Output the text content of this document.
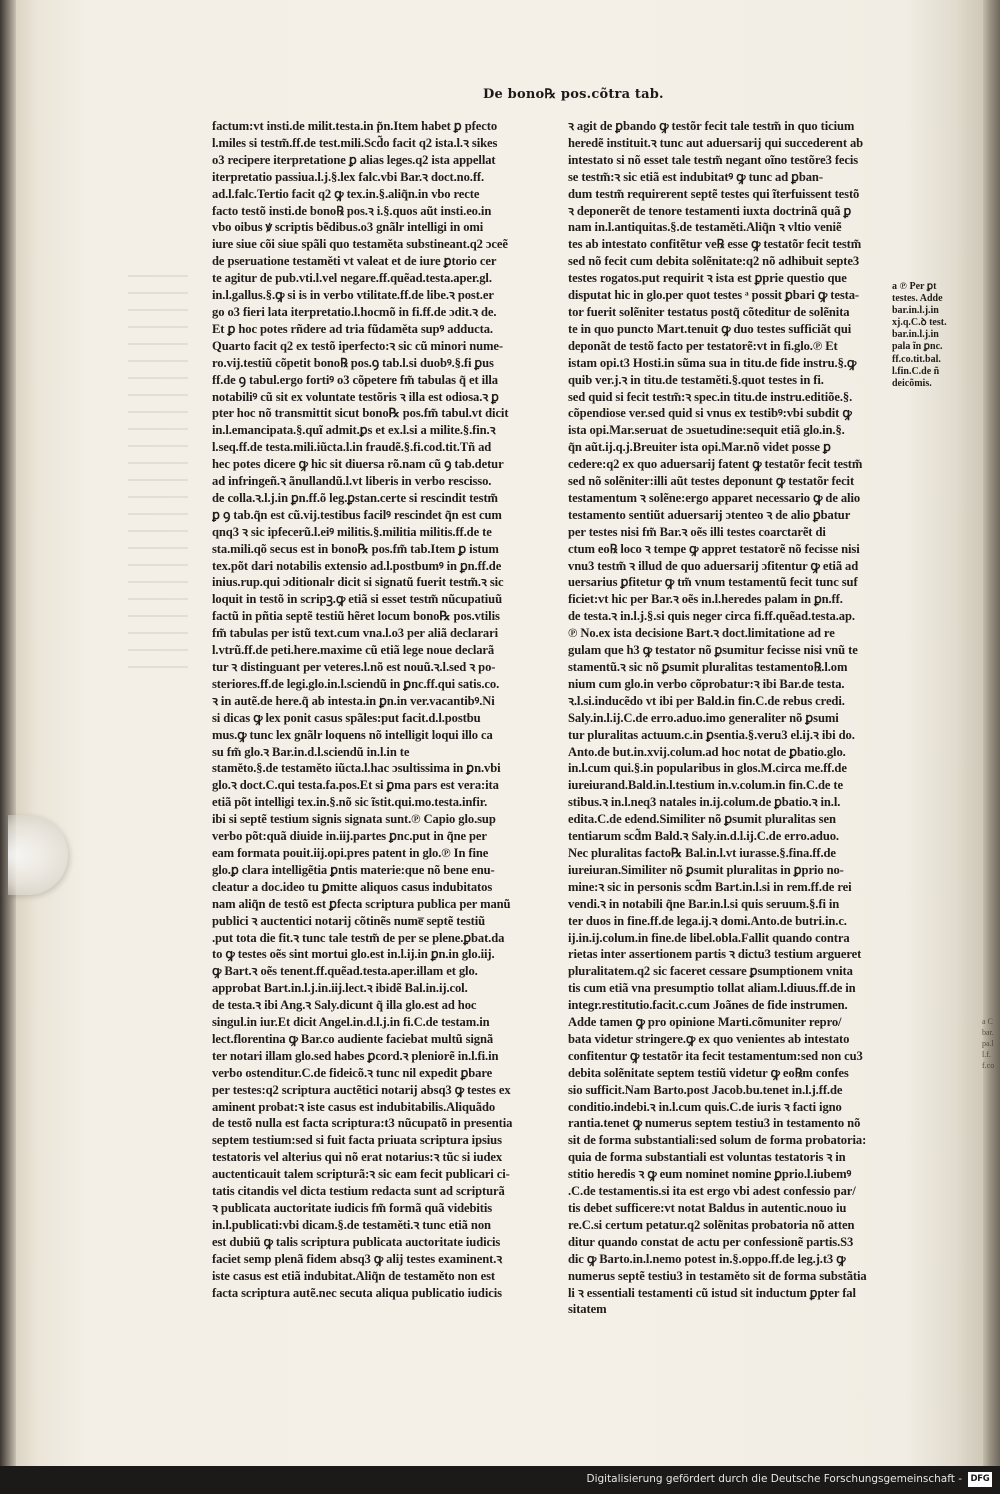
De bono℞ pos.cõtra tab.
factum:vt insti.de milit.testa.in p̃n.Item habet ꝑ pfecto
l.miles si testm̃.ff.de test.mili.Scd̃o facit q2 ista.l.ꝛ sikes
o3 recipere iterpretatione ꝑ alias leges.q2 ista appellat
iterpretatio passiua.l.j.§.lex falc.vbi Bar.ꝛ doct.no.ff.
ad.l.falc.Tertio facit q2 ꝙ tex.in.§.aliq̃n.in vbo recte
facto testõ insti.de bono℞ pos.ꝛ i.§.quos aũt insti.eo.in
vbo oibus ꝟ scriptis bẽdibus.o3 gnãlr intelligi in omi
iure siue cõi siue spãli quo testaměta substineant.q2 ɔceẽ
de pseruatione testaměti vt valeat et de iure ꝑtorio cer
te agitur de pub.vti.l.vel negare.ff.quẽad.testa.aper.gl.
in.l.gallus.§.ꝙ si is in verbo vtilitate.ff.de libe.ꝛ post.er
go o3 fieri lata iterpretatio.l.hocmõ in fi.ff.de ɔdit.ꝛ de.
Et ꝑ hoc potes rñdere ad tria fũdaměta supꝰ adducta.
Quarto facit q2 ex testõ iperfecto:ꝛ sic cũ minori nume-
ro.vij.testiũ cõpetit bono℞ pos.ꝯ tab.l.si duobꝰ.§.fi ꝑus
ff.de ꝯ tabul.ergo fortiꝰ o3 cõpetere fm̃ tabulas q̃ et illa
notabiliꝰ cũ sit ex voluntate testõris ꝛ illa est odiosa.ꝛ ꝑ
pter hoc nõ transmittit sicut bono℞ pos.fm̃ tabul.vt dicit
in.l.emancipata.§.quĩ admit.ꝑs et ex.l.si a milite.§.fin.ꝛ
l.seq.ff.de testa.mili.iũcta.l.in fraudẽ.§.fi.cod.tit.Tñ ad
hec potes dicere ꝙ hic sit diuersa rõ.nam cũ ꝯ tab.detur
ad infringeñ.ꝛ ãnullandũ.l.vt liberis in verbo rescisso.
de colla.ꝛ.l.j.in ꝑn.ff.õ leg.ꝑstan.certe si rescindit testm̃
ꝑ ꝯ tab.q̃n est cũ.vij.testibus facilꝰ rescindet q̃n est cum
qnq3 ꝛ sic ipfecerũ.l.eiꝰ militis.§.militia militis.ff.de te
sta.mili.qõ secus est in bono℞ pos.fm̃ tab.Item ꝑ istum
tex.põt dari notabilis extensio ad.l.postbumꝰ in ꝑn.ff.de
inius.rup.qui ɔditionalr dicit si signatũ fuerit testm̃.ꝛ sic
loquit in testõ in scripꝫ.ꝙ etiã si esset testm̃ nũcupatiuũ
factũ in pñtia septẽ testiũ hẽret locum bono℞ pos.vtilis
fm̃ tabulas per istũ text.cum vna.l.o3 per aliã declarari
l.vtrũ.ff.de peti.here.maxime cũ etiã lege noue declarã
tur ꝛ distinguant per veteres.l.nõ est nouũ.ꝛ.l.sed ꝛ po-
steriores.ff.de legi.glo.in.l.sciendũ in ꝑnc.ff.qui satis.co.
ꝛ in autẽ.de here.q̃ ab intesta.in ꝑn.in ver.vacantibꝰ.Ni
si dicas ꝙ lex ponit casus spãles:put facit.d.l.postbu
mus.ꝙ tunc lex gnãlr loquens nõ intelligit loqui illo ca
su fm̃ glo.ꝛ Bar.in.d.l.sciendũ in.l.in te
staměto.§.de testaměto iũcta.l.hac ɔsultissima in ꝑn.vbi
glo.ꝛ doct.C.qui testa.fa.pos.Et si ꝑma pars est vera:ita
etiã põt intelligi tex.in.§.nõ sic ĩstit.qui.mo.testa.infir.
ibi si septẽ testium signis signata sunt.℗ Capio glo.sup
verbo põt:quã diuide in.iij.partes ꝑnc.put in q̃ne per
eam formata pouit.iij.opi.pres patent in glo.℗ In fine
glo.ꝑ clara intelligẽtia ꝑntis materie:que nõ bene enu-
cleatur a doc.ideo tu ꝑmitte aliquos casus indubitatos
nam aliq̃n de testõ est ꝑfecta scriptura publica per manũ
publici ꝛ auctentici notarij cõtinẽs nume̅ septẽ testiũ
.put tota die fit.ꝛ tunc tale testm̃ de per se plene.ꝑbat.da
to ꝙ testes oẽs sint mortui glo.est in.l.ij.in ꝑn.in glo.iij.
ꝙ Bart.ꝛ oẽs tenent.ff.quẽad.testa.aper.illam et glo.
approbat Bart.in.l.j.in.iij.lect.ꝛ ibidẽ Bal.in.ij.col.
de testa.ꝛ ibi Ang.ꝛ Saly.dicunt q̃ illa glo.est ad hoc
singul.in iur.Et dicit Angel.in.d.l.j.in fi.C.de testam.in
lect.florentina ꝙ Bar.co audiente faciebat multũ signã
ter notari illam glo.sed habes ꝑcord.ꝛ pleniorẽ in.l.fi.in
verbo ostenditur.C.de fideicõ.ꝛ tunc nil expedit ꝑbare
per testes:q2 scriptura auctẽtici notarij absq3 ꝙ testes ex
aminent probat:ꝛ iste casus est indubitabilis.Aliquãdo
de testõ nulla est facta scriptura:t3 nũcupatõ in presentia
septem testium:sed si fuit facta priuata scriptura ipsius
testatoris vel alterius qui nõ erat notarius:ꝛ tũc si iudex
auctenticauit talem scripturã:ꝛ sic eam fecit publicari ci-
tatis citandis vel dicta testium redacta sunt ad scripturã
ꝛ publicata auctoritate iudicis fm̃ formã quã videbitis
in.l.publicati:vbi dicam.§.de testaměti.ꝛ tunc etiã non
est dubiũ ꝙ talis scriptura publicata auctoritate iudicis
faciet semp plenã fidem absq3 ꝙ alij testes examinent.ꝛ
iste casus est etiã indubitat.Aliq̃n de testaměto non est
facta scriptura autẽ.nec secuta aliqua publicatio iudicis
ꝛ agit de ꝑbando ꝙ testõr fecit tale testm̃ in quo ticium
heredẽ instituit.ꝛ tunc aut aduersarij qui succederent ab
intestato si nõ esset tale testm̃ negant oĩno testõre3 fecis
se testm̃:ꝛ sic etiã est indubitatꝰ ꝙ tunc ad ꝑban-
dum testm̃ requirerent septẽ testes qui ĩterfuissent testõ
ꝛ deponerẽt de tenore testamenti iuxta doctrinã quã ꝑ
nam in.l.antiquitas.§.de testaměti.Aliq̃n ꝛ vltio veniẽ
tes ab intestato confitẽtur ve℞ esse ꝙ testatõr fecit testm̃
sed nõ fecit cum debita solẽnitate:q2 nõ adhibuit septe3
testes rogatos.put requirit ꝛ ista est ꝑprie questio que
disputat hic in glo.per quot testes ᵃ possit ꝑbari ꝙ testa-
tor fuerit solẽniter testatus postq̃ cõteditur de solẽnita
te in quo puncto Mart.tenuit ꝙ duo testes sufficiãt qui
deponãt de testõ facto per testatorẽ:vt in fi.glo.℗ Et
istam opi.t3 Hosti.in sũma sua in titu.de fide instru.§.ꝙ
quib ver.j.ꝛ in titu.de testaměti.§.quot testes in fi.
sed quid si fecit testm̃:ꝛ spec.in titu.de instru.editiõe.§.
cõpendiose ver.sed quid si vnus ex testibꝰ:vbi subdit ꝙ
ista opi.Mar.seruat de ɔsuetudine:sequit etiã glo.in.§.
q̃n aũt.ij.q.j.Breuiter ista opi.Mar.nõ videt posse ꝑ
cedere:q2 ex quo aduersarij fatent ꝙ testatõr fecit testm̃
sed nõ solẽniter:illi aũt testes deponunt ꝙ testatõr fecit
testamentum ꝛ solẽne:ergo apparet necessario ꝙ de alio
testamento sentiũt aduersarij ɔtenteo ꝛ de alio ꝑbatur
per testes nisi fm̃ Bar.ꝛ oẽs illi testes coarctarẽt di
ctum eo℞ loco ꝛ tempe ꝙ appret testatorẽ nõ fecisse nisi
vnu3 testm̃ ꝛ illud de quo aduersarij ɔfitentur ꝙ etiã ad
uersarius ꝑfitetur ꝙ tm̃ vnum testamentũ fecit tunc suf
ficiet:vt hic per Bar.ꝛ oẽs in.l.heredes palam in ꝑn.ff.
de testa.ꝛ in.l.j.§.si quis neger circa fi.ff.quẽad.testa.ap.
℗ No.ex ista decisione Bart.ꝛ doct.limitatione ad re
gulam que h3 ꝙ testator nõ ꝑsumitur fecisse nisi vnũ te
stamentũ.ꝛ sic nõ ꝑsumit pluralitas testamento℞.l.om
nium cum glo.in verbo cõprobatur:ꝛ ibi Bar.de testa.
ꝛ.l.si.inducẽdo vt ibi per Bald.in fin.C.de rebus credi.
Saly.in.l.ij.C.de erro.aduo.imo generaliter nõ ꝑsumi
tur pluralitas actuum.c.in ꝑsentia.§.veru3 el.ij.ꝛ ibi do.
Anto.de but.in.xvij.colum.ad hoc notat de ꝑbatio.glo.
in.l.cum qui.§.in popularibus in glos.M.circa me.ff.de
iureiurand.Bald.in.l.testium in.v.colum.in fin.C.de te
stibus.ꝛ in.l.neq3 natales in.ij.colum.de ꝑbatio.ꝛ in.l.
edita.C.de edend.Similiter nõ ꝑsumit pluralitas sen
tentiarum scd̃m Bald.ꝛ Saly.in.d.l.ij.C.de erro.aduo.
Nec pluralitas facto℞ Bal.in.l.vt iurasse.§.fina.ff.de
iureiuran.Similiter nõ ꝑsumit pluralitas in ꝑprio no-
mine:ꝛ sic in personis scd̃m Bart.in.l.si in rem.ff.de rei
vendi.ꝛ in notabili q̃ne Bar.in.l.si quis seruum.§.fi in
ter duos in fine.ff.de lega.ij.ꝛ domi.Anto.de butri.in.c.
ij.in.ij.colum.in fine.de libel.obla.Fallit quando contra
rietas inter assertionem partis ꝛ dictu3 testium argueret
pluralitatem.q2 sic faceret cessare ꝑsumptionem vnita
tis cum etiã vna presumptio tollat aliam.l.diuus.ff.de in
integr.restitutio.facit.c.cum Joãnes de fide instrumen.
Adde tamen ꝙ pro opinione Marti.cõmuniter repro/
bata videtur stringere.ꝙ ex quo venientes ab intestato
confitentur ꝙ testatõr ita fecit testamentum:sed non cu3
debita solẽnitate septem testiũ videtur ꝙ eo℞m confes
sio sufficit.Nam Barto.post Jacob.bu.tenet in.l.j.ff.de
conditio.indebi.ꝛ in.l.cum quis.C.de iuris ꝛ facti igno
rantia.tenet ꝙ numerus septem testiu3 in testamento nõ
sit de forma substantiali:sed solum de forma probatoria:
quia de forma substantiali est voluntas testatoris ꝛ in
stitio heredis ꝛ ꝙ eum nominet nomine ꝑprio.l.iubemꝰ
.C.de testamentis.si ita est ergo vbi adest confessio par/
tis debet sufficere:vt notat Baldus in autentic.nouo iu
re.C.si certum petatur.q2 solẽnitas probatoria nõ atten
ditur quando constat de actu per confessionẽ partis.S3
dic ꝙ Barto.in.l.nemo potest in.§.oppo.ff.de leg.j.t3 ꝙ
numerus septẽ testiu3 in testaměto sit de forma substãtia
li ꝛ essentiali testamenti cũ istud sit inductum ꝑpter fal
sitatem
a ℗ Per ꝑt
testes. Adde
bar.in.l.j.in
xj.q.C.ꝺ test.
bar.in.l.j.in
pala ĩn ꝑnc.
ff.co.tit.bal.
l.fin.C.de ñ
deicõmis.
a C
bar.
pa.l
l.f.
f.co
Digitalisierung gefördert durch die Deutsche Forschungsgemeinschaft - DFG
